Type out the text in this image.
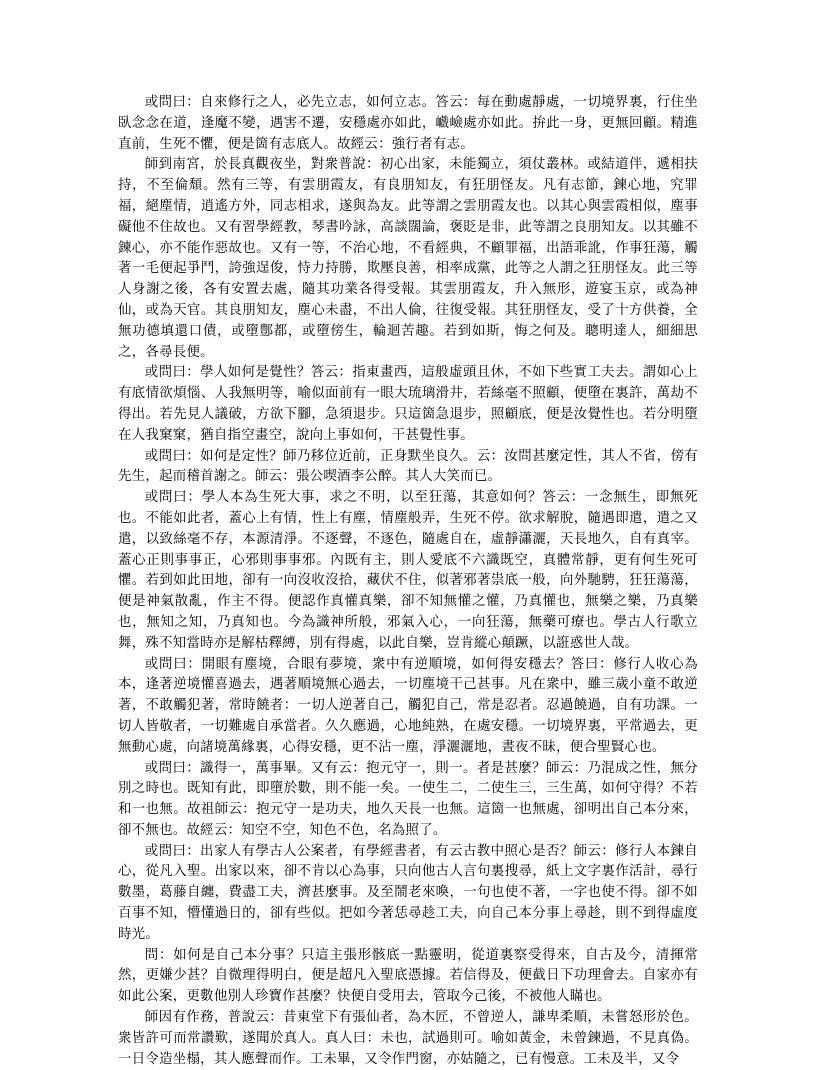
或問曰：自來修行之人，必先立志，如何立志。答云：每在動處靜處，一切境界裏，行住坐臥念念在道，逢魔不變，遇害不遷，安穩處亦如此，巇嶮處亦如此。拚此一身，更無回顧。精進直前，生死不懼，便是箇有志底人。故經云：強行者有志。

師到南宮，於長真觀夜坐，對衆普說：初心出家，未能獨立，須仗叢林。或結道伴，遞相扶持，不至倫頹。然有三等，有雲朋霞友，有良朋知友，有狂朋怪友。凡有志節，鍊心地，究罪福，絕塵情，逍遙方外，同志相求，遂與為友。此等謂之雲朋霞友也。以其心與雲霞相似，塵事礙他不住故也。又有習學經教，琴書吟詠，高談闊論，褒貶是非，此等謂之良朋知友。以其雖不鍊心，亦不能作惡故也。又有一等，不治心地，不看經典，不顧罪福，出語乖訛，作事狂蕩，觸著一毛便起爭鬥，誇強逞俊，恃力持勝，欺壓良善，相率成黨，此等之人謂之狂朋怪友。此三等人身謝之後，各有安置去處，隨其功業各得受報。其雲朋霞友，升入無形，遊宴玉京，或為神仙，或為天官。其良朋知友，塵心未盡，不出人倫，往復受報。其狂朋怪友，受了十方供養，全無功德填還口債，或墮鄷都，或墮傍生，輪迴苦趣。若到如斯，悔之何及。聰明達人，細細思之，各尋長便。

或問曰：學人如何是覺性？答云：指東畫西，這般虛頭且休，不如下些實工夫去。謂如心上有底情欲煩惱、人我無明等，喻似面前有一眼大琉璃滑井，若絲毫不照顧，便墮在裏許，萬劫不得出。若先見人議破，方欲下腳，急須退步。只這箇急退步，照顧底，便是汝覺性也。若分明墮在人我窠窠，猶自指空畫空，說向上事如何，干甚覺性事。

或問曰：如何是定性？師乃移位近前，正身默坐良久。云：汝問甚麼定性，其人不省，傍有先生，起而稽首謝之。師云：張公喫酒李公醉。其人大笑而已。

或問曰：學人本為生死大事，求之不明，以至狂蕩，其意如何？答云：一念無生，即無死也。不能如此者，蓋心上有情，性上有塵，情塵般弄，生死不停。欲求解脫，隨遇即遣，遣之又遣，以致絲毫不存，本源清淨。不逐聲，不逐色，隨處自在，虛靜瀟灑，天長地久，自有真宰。蓋心正則事事正，心邪則事事邪。內既有主，則人愛底不六識既空，真體常靜，更有何生死可懼。若到如此田地，卻有一向沒收沒拾，藏伏不住，似著邪著祟底一般，向外馳騁，狂狂蕩蕩，便是神氣散亂，作主不得。便認作真懽真樂，卻不知無懽之懽，乃真懽也，無樂之樂，乃真樂也，無知之知，乃真知也。今為識神所般，邪氣入心，一向狂蕩，無藥可療也。學古人行歌立舞，殊不知當時亦是解枯釋縛，別有得處，以此自樂，豈肯縱心顛蹶，以誑惑世人哉。

或問曰：開眼有塵境，合眼有夢境，衆中有逆順境，如何得安穩去？答曰：修行人收心為本，逢著逆境懽喜過去，遇著順境無心過去，一切塵境干己甚事。凡在衆中，雖三歲小童不敢逆著，不敢觸犯著，常時饒者：一切人逆著自己，觸犯自己，常是忍者。忍過饒過，自有功課。一切人皆敬者，一切難處自承當者。久久應過，心地純熟，在處安穩。一切境界裏，平常過去，更無動心處，向諸境萬緣裏，心得安穩，更不沾一塵，淨灑灑地，晝夜不昧，便合聖賢心也。

或問曰：識得一，萬事畢。又有云：抱元守一，則一。者是甚麼？師云：乃混成之性，無分別之時也。既知有此，即墮於數，則不能一矣。一使生二，二使生三，三生萬，如何守得？不若和一也無。故祖師云：抱元守一是功夫，地久天長一也無。這箇一也無處，卻明出自己本分來，卻不無也。故經云：知空不空，知色不色，名為照了。

或問曰：出家人有學古人公案者，有學經書者，有云古教中照心是否？師云：修行人本鍊自心，從凡入聖。出家以來，卻不肯以心為事，只向他古人言句裏搜尋，紙上文字裏作活計，尋行數墨，葛藤自纏，費盡工夫，濟甚麼事。及至鬧老來喚，一句也使不著，一字也使不得。卻不如百事不知，懵懂過日的，卻有些似。把如今著恁尋趁工夫，向自己本分事上尋趁，則不到得虛度時光。

問：如何是自己本分事？只這主張形骸底一點靈明，從道裏察受得來，自古及今，清揮常然，更嫌少甚？自微理得明白，便是超凡入聖底憑據。若信得及，便截日下功理會去。自家亦有如此公案，更數他別人珍寶作甚麼？快便自受用去，管取今己後，不被他人瞞也。

師因有作務，普說云：昔東堂下有張仙者，為木匠，不曾逆人，謙卑柔順，未嘗怒形於色。衆皆許可而常讚歎，遂聞於真人。真人曰：未也，試過則可。喻如黃金，未曾鍊過，不見真偽。一日令造坐榻，其人應聲而作。工未畢，又令作門窗，亦姑隨之，已有慢意。工未及半，又令
